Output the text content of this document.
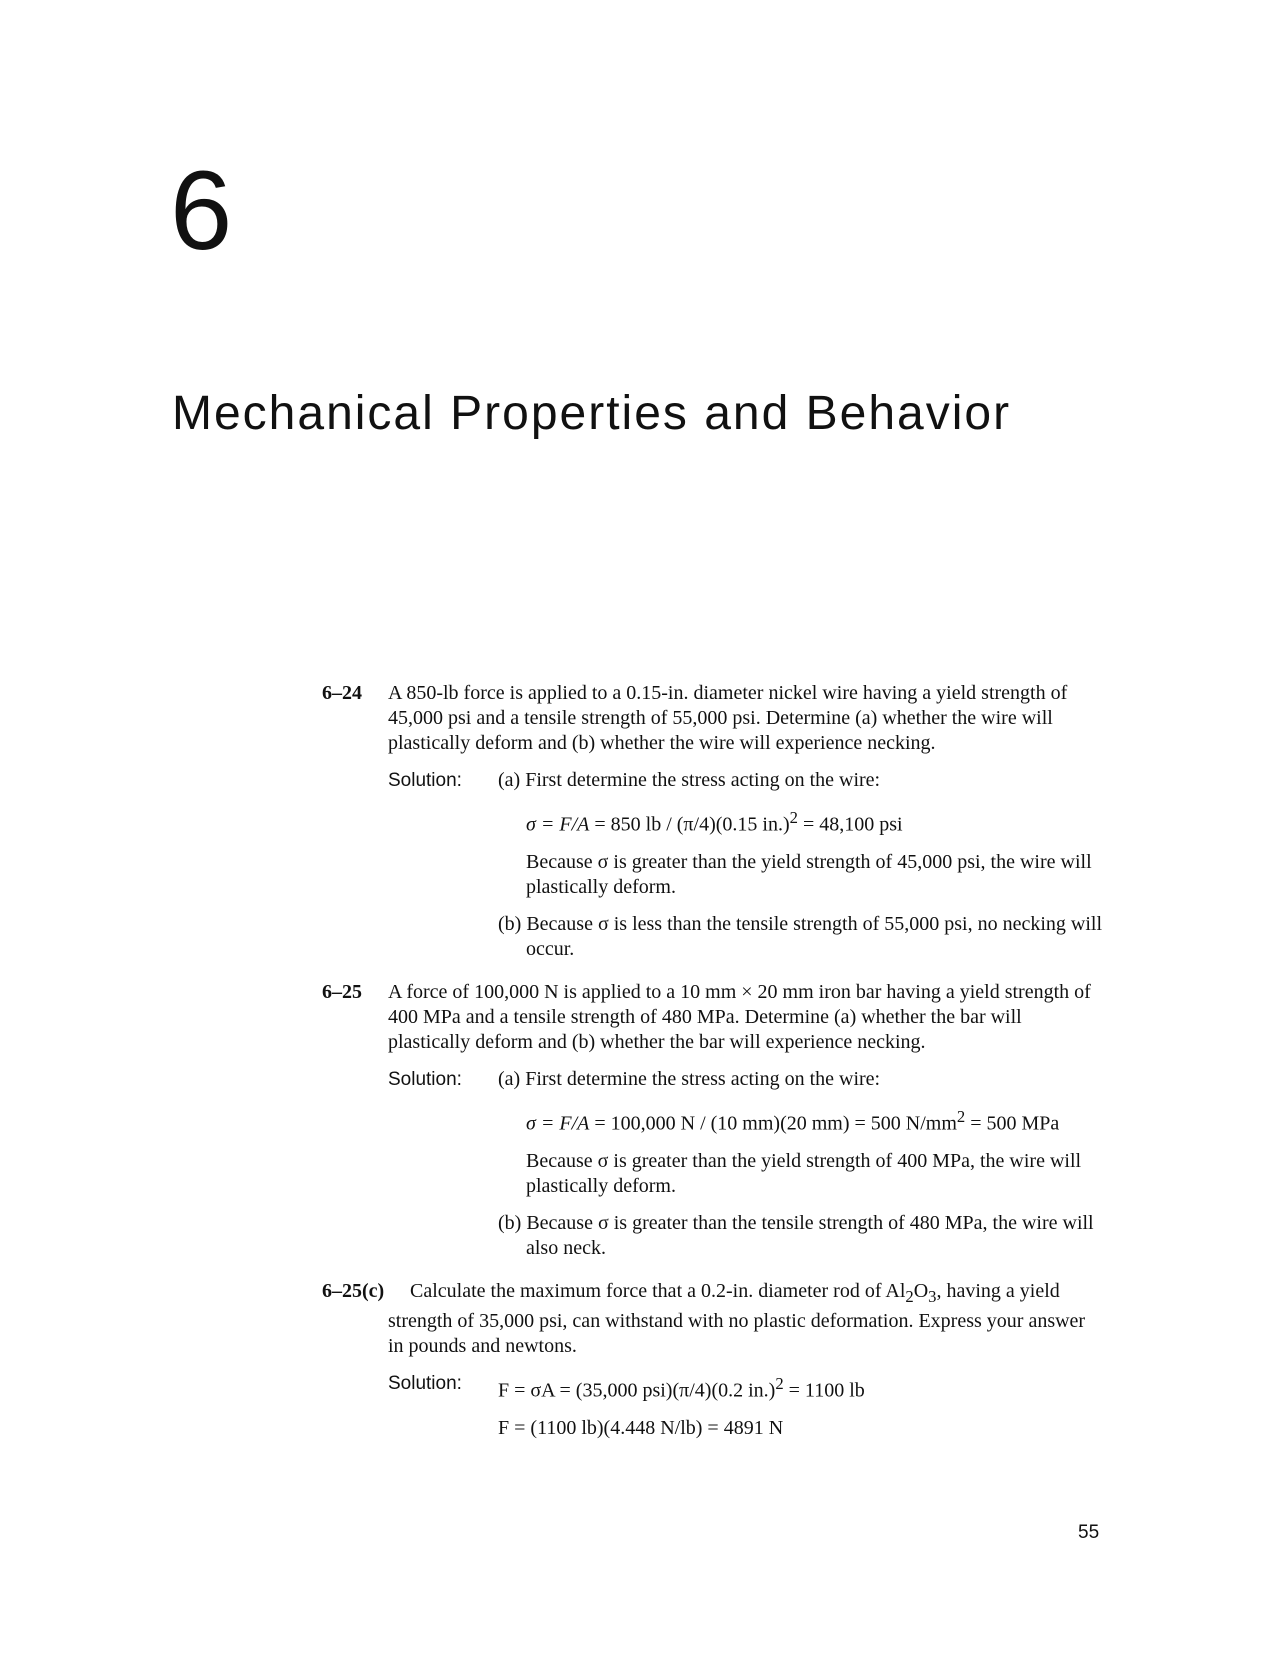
6
Mechanical Properties and Behavior

6–24 A 850-lb force is applied to a 0.15-in. diameter nickel wire having a yield strength of 45,000 psi and a tensile strength of 55,000 psi. Determine (a) whether the wire will plastically deform and (b) whether the wire will experience necking.

Solution: (a) First determine the stress acting on the wire:

σ = F/A = 850 lb / (π/4)(0.15 in.)$^2$ = 48,100 psi

Because σ is greater than the yield strength of 45,000 psi, the wire will plastically deform.

(b) Because σ is less than the tensile strength of 55,000 psi, no necking will occur.

6–25 A force of 100,000 N is applied to a 10 mm × 20 mm iron bar having a yield strength of 400 MPa and a tensile strength of 480 MPa. Determine (a) whether the bar will plastically deform and (b) whether the bar will experience necking.

Solution: (a) First determine the stress acting on the wire:

σ = F/A = 100,000 N / (10 mm)(20 mm) = 500 $N/mm^2 = 500$ MPa

Because σ is greater than the yield strength of 400 MPa, the wire will plastically deform.

(b) Because σ is greater than the tensile strength of 480 MPa, the wire will also neck.

6–25(c) Calculate the maximum force that a 0.2-in. diameter rod of $Al_2O_3$, having a yield strength of 35,000 psi, can withstand with no plastic deformation. Express your answer in pounds and newtons.

Solution: F = σA = (35,000 psi)(π/4)(0.2 in.)$^2$ = 1100 lb

F = (1100 lb)(4.448 N/lb) = 4891 N

55
